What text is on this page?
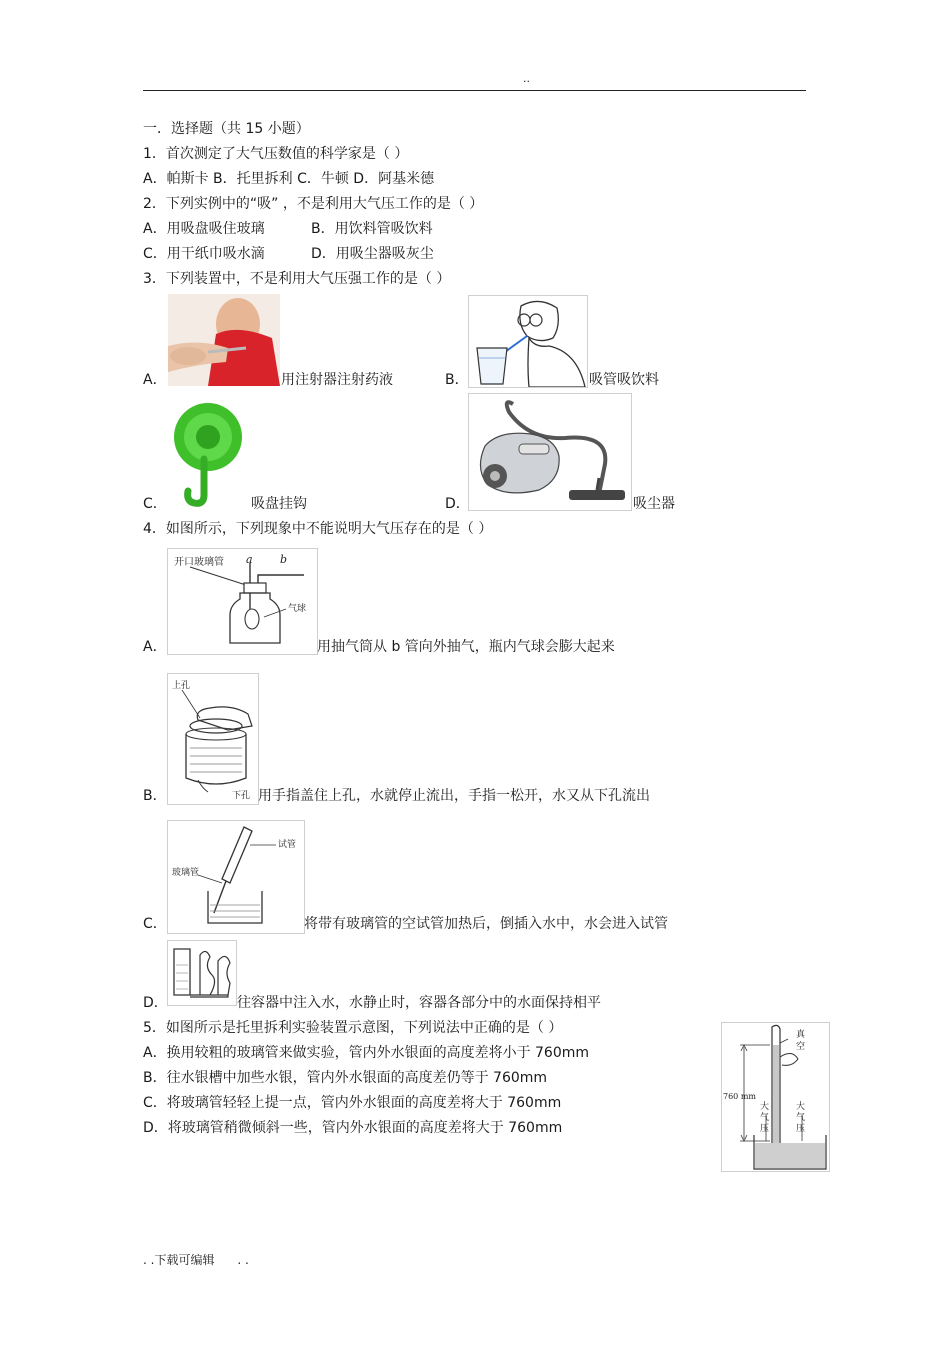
..
一．选择题（共 15 小题）
1．首次测定了大气压数值的科学家是（ ）
A．帕斯卡 B．托里拆利 C．牛顿 D．阿基米德
2．下列实例中的“吸” ，不是利用大气压工作的是（ ）
A．用吸盘吸住玻璃	B．用饮料管吸饮料
C．用干纸巾吸水滴	D．用吸尘器吸灰尘
3．下列装置中，不是利用大气压强工作的是（ ）
A．	用注射器注射药液	B．	吸管吸饮料
C．	吸盘挂钩	D．	吸尘器
4．如图所示，下列现象中不能说明大气压存在的是（ ）
开口玻璃管 a b
气球
A．	用抽气筒从 b 管向外抽气，瓶内气球会膨大起来
上孔
下孔
B．	用手指盖住上孔，水就停止流出，手指一松开，水又从下孔流出
试管
玻璃管
C．	将带有玻璃管的空试管加热后，倒插入水中，水会进入试管
D．	往容器中注入水，水静止时，容器各部分中的水面保持相平
5．如图所示是托里拆利实验装置示意图，下列说法中正确的是（ ）
A．换用较粗的玻璃管来做实验，管内外水银面的高度差将小于 760mm
B．往水银槽中加些水银，管内外水银面的高度差仍等于 760mm
C．将玻璃管轻轻上提一点，管内外水银面的高度差将大于 760mm
D．将玻璃管稍微倾斜一些，管内外水银面的高度差将大于 760mm
真
空
760 mm
大
气
压
大
气
压
. .下载可编辑      . .
